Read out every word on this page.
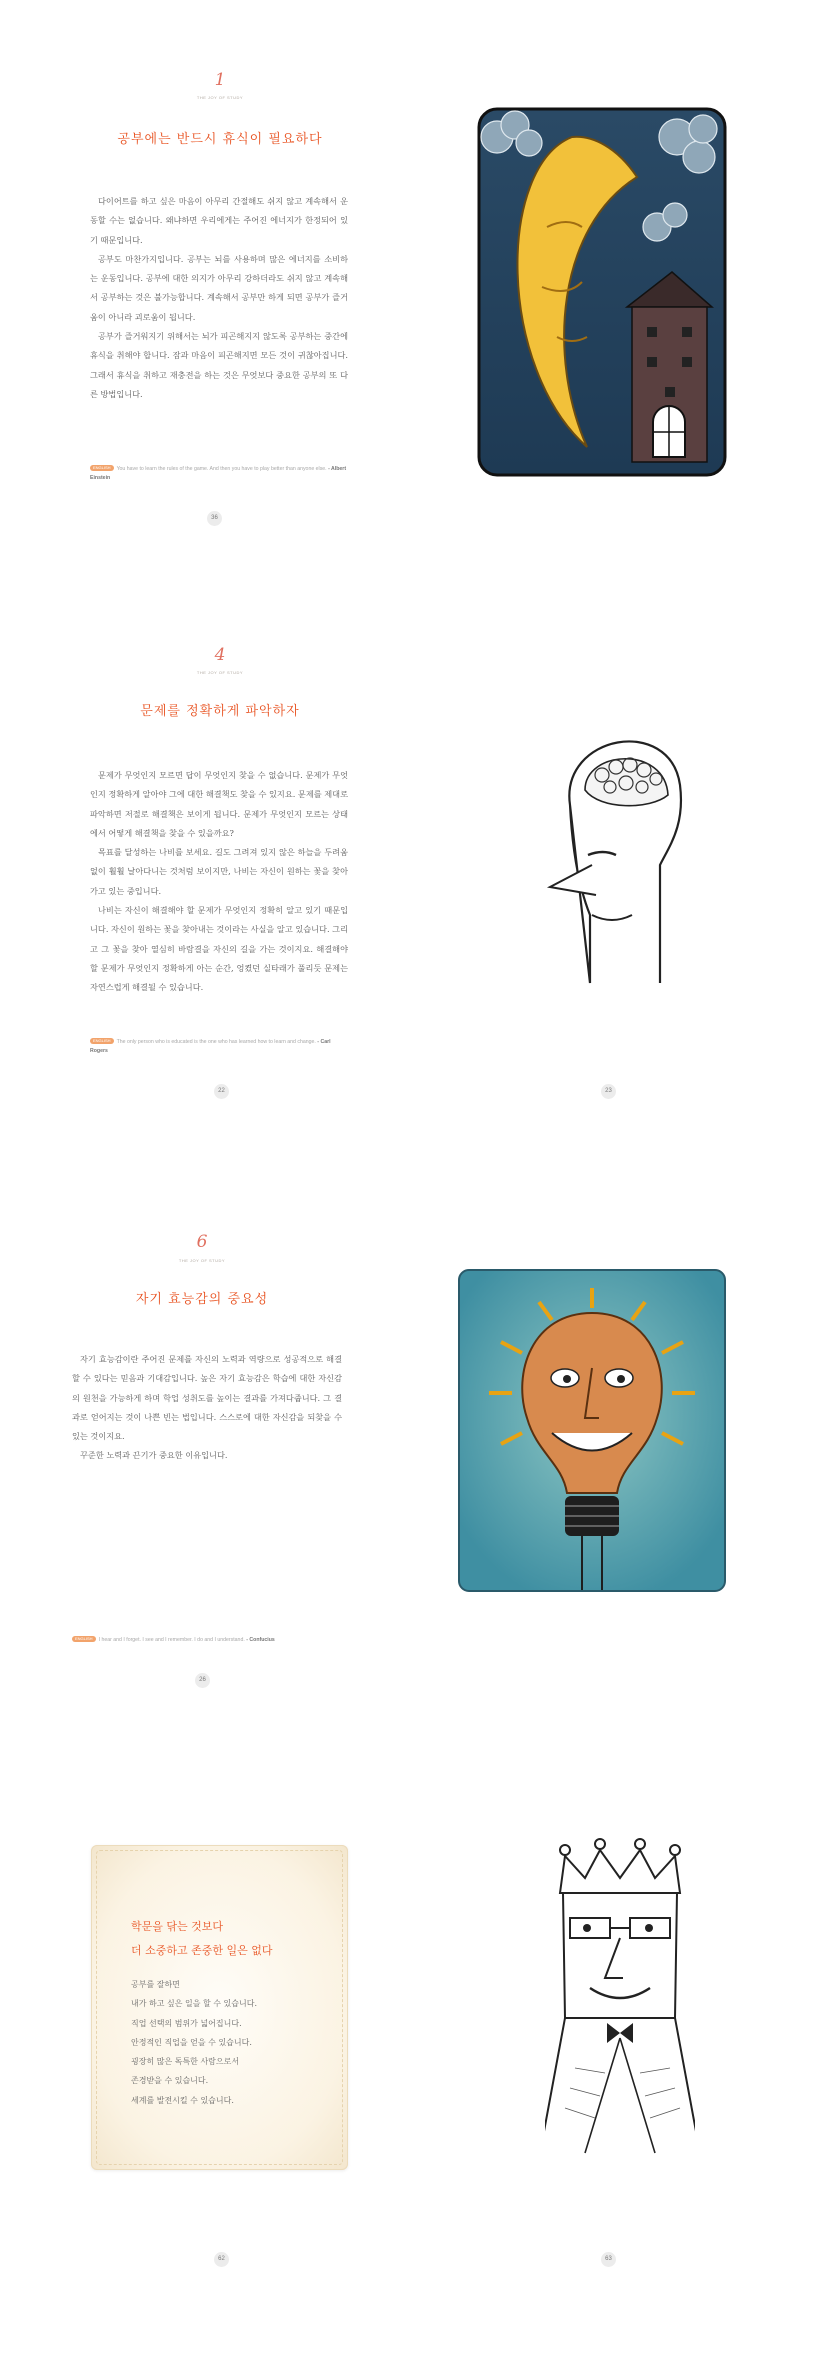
1
THE JOY OF STUDY
공부에는 반드시 휴식이 필요하다

다이어트를 하고 싶은 마음이 아무리 간절해도 쉬지 않고 계속해서 운동할 수는 없습니다. 왜냐하면 우리에게는 주어진 에너지가 한정되어 있기 때문입니다.

공부도 마찬가지입니다. 공부는 뇌를 사용하며 많은 에너지를 소비하는 운동입니다. 공부에 대한 의지가 아무리 강하더라도 쉬지 않고 계속해서 공부하는 것은 불가능합니다. 계속해서 공부만 하게 되면 공부가 즐거움이 아니라 괴로움이 됩니다.

공부가 즐거워지기 위해서는 뇌가 피곤해지지 않도록 공부하는 중간에 휴식을 취해야 합니다. 잠과 마음이 피곤해지면 모든 것이 귀찮아집니다. 그래서 휴식을 취하고 재충전을 하는 것은 무엇보다 중요한 공부의 또 다른 방법입니다.

ENGLISH You have to learn the rules of the game. And then you have to play better than anyone else. - Albert Einstein
36
4
THE JOY OF STUDY
문제를 정확하게 파악하자

문제가 무엇인지 모르면 답이 무엇인지 찾을 수 없습니다. 문제가 무엇인지 정확하게 알아야 그에 대한 해결책도 찾을 수 있지요. 문제를 제대로 파악하면 저절로 해결책은 보이게 됩니다. 문제가 무엇인지 모르는 상태에서 어떻게 해결책을 찾을 수 있을까요?

목표를 달성하는 나비를 보세요. 길도 그려져 있지 않은 하늘을 두려움 없이 훨훨 날아다니는 것처럼 보이지만, 나비는 자신이 원하는 꽃을 찾아가고 있는 중입니다.

나비는 자신이 해결해야 할 문제가 무엇인지 정확히 알고 있기 때문입니다. 자신이 원하는 꽃을 찾아내는 것이라는 사실을 알고 있습니다. 그리고 그 꽃을 찾아 열심히 바람결을 자신의 길을 가는 것이지요. 해결해야 할 문제가 무엇인지 정확하게 아는 순간, 엉켰던 실타래가 풀리듯 문제는 자연스럽게 해결될 수 있습니다.

ENGLISH The only person who is educated is the one who has learned how to learn and change. - Carl Rogers
22	23
6
THE JOY OF STUDY
자기 효능감의 중요성

자기 효능감이란 주어진 문제를 자신의 노력과 역량으로 성공적으로 해결할 수 있다는 믿음과 기대감입니다. 높은 자기 효능감은 학습에 대한 자신감의 원천을 가능하게 하며 학업 성취도를 높이는 결과를 가져다줍니다. 그 결과로 얻어지는 것이 나쁜 빈는 법입니다. 스스로에 대한 자신감을 되찾을 수 있는 것이지요.

꾸준한 노력과 끈기가 중요한 이유입니다.

ENGLISH I hear and I forget. I see and I remember. I do and I understand. - Confucius
26
학문을 닦는 것보다
더 소중하고 존중한 일은 없다
공부를 잘하면
내가 하고 싶은 일을 할 수 있습니다.
직업 선택의 범위가 넓어집니다.
안정적인 직업을 얻을 수 있습니다.
굉장히 많은 독특한 사람으로서
존경받을 수 있습니다.
세계를 발전시킬 수 있습니다.
62	63
